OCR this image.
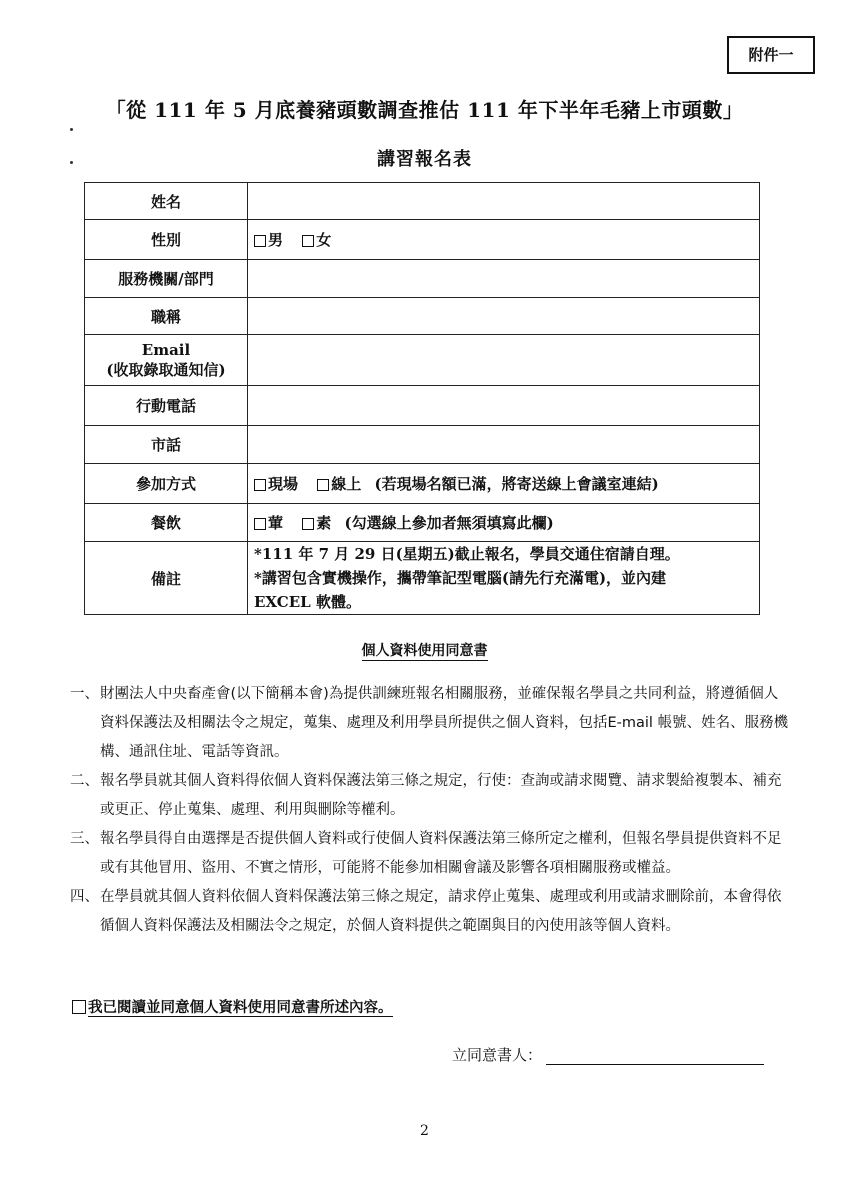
附件一
「從 111 年 5 月底養豬頭數調查推估 111 年下半年毛豬上市頭數」
講習報名表
姓名	
性別	男 女
服務機關/部門	
職稱	

Email
(收取錄取通知信)	

行動電話	
市話	
參加方式	現場 線上 (若現場名額已滿，將寄送線上會議室連結)
餐飲	葷 素 (勾選線上參加者無須填寫此欄)
備註	*111 年 7 月 29 日(星期五)截止報名，學員交通住宿請自理。
*講習包含實機操作，攜帶筆記型電腦(請先行充滿電)，並內建
EXCEL 軟體。
個人資料使用同意書
一、 財團法人中央畜產會(以下簡稱本會)為提供訓練班報名相關服務，並確保報名學員之共同利益，將遵循個人資料保護法及相關法令之規定，蒐集、處理及利用學員所提供之個人資料，包括E-mail 帳號、姓名、服務機構、通訊住址、電話等資訊。
二、 報名學員就其個人資料得依個人資料保護法第三條之規定，行使：查詢或請求閱覽、請求製給複製本、補充或更正、停止蒐集、處理、利用與刪除等權利。
三、 報名學員得自由選擇是否提供個人資料或行使個人資料保護法第三條所定之權利，但報名學員提供資料不足或有其他冒用、盜用、不實之情形，可能將不能參加相關會議及影響各項相關服務或權益。
四、 在學員就其個人資料依個人資料保護法第三條之規定，請求停止蒐集、處理或利用或請求刪除前，本會得依循個人資料保護法及相關法令之規定，於個人資料提供之範圍與目的內使用該等個人資料。
我已閱讀並同意個人資料使用同意書所述內容。
立同意書人：
2
